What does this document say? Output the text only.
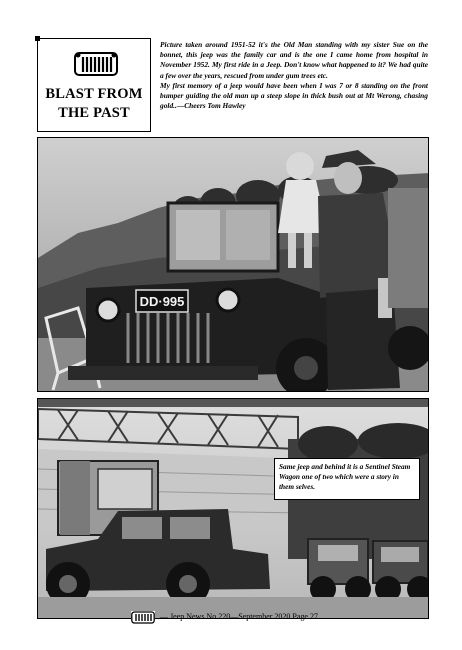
BLAST FROM
THE PAST

Picture taken around 1951-52 it's the Old Man standing with my sister Sue on the bonnet, this jeep was the family car and is the one I came home from hospital in November 1952. My first ride in a Jeep. Don't know what happened to it? We had quite a few over the years, rescued from under gum trees etc.

My first memory of a jeep would have been when I was 7 or 8 standing on the front bumper guiding the old man up a steep slope in thick bush out at Mt Werong, chasing gold..—Cheers Tom Hawley

DD·995
Same jeep and behind it is a Sentinel Steam Wagon one of two which were a story in them selves.
— Jeep News No.220—September 2020 Page 27
